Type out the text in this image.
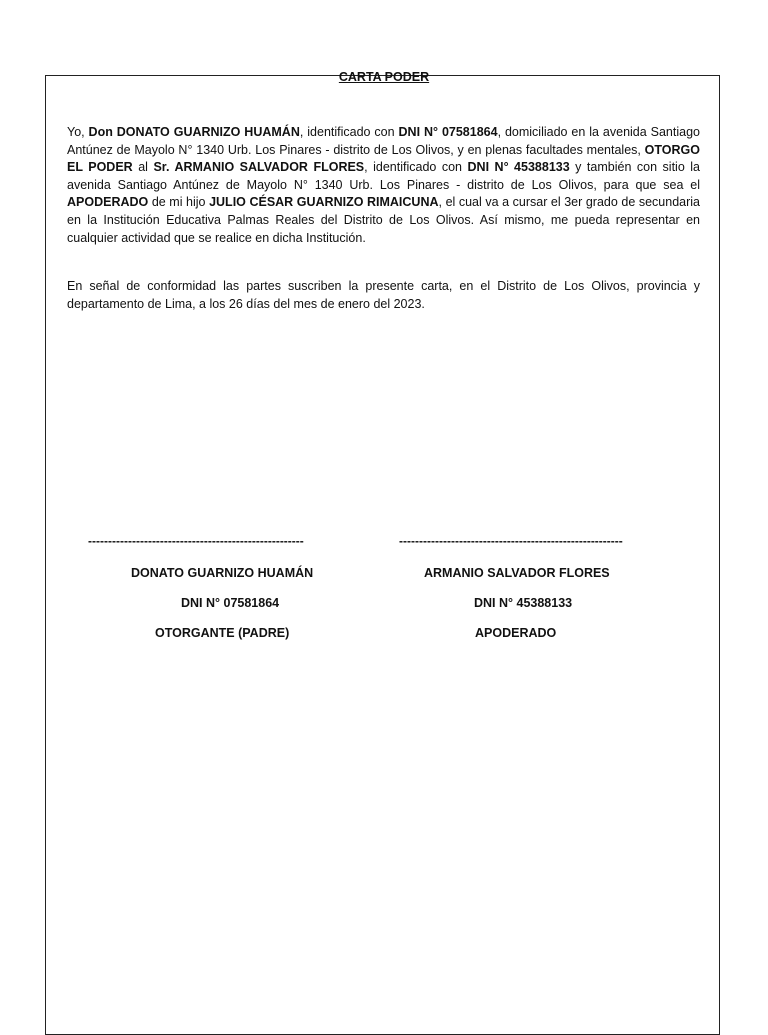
CARTA PODER

Yo, Don DONATO GUARNIZO HUAMÁN, identificado con DNI N° 07581864, domiciliado en la avenida Santiago Antúnez de Mayolo N° 1340 Urb. Los Pinares - distrito de Los Olivos, y en plenas facultades mentales, OTORGO EL PODER al Sr. ARMANIO SALVADOR FLORES, identificado con DNI N° 45388133 y también con sitio la avenida Santiago Antúnez de Mayolo N° 1340 Urb. Los Pinares - distrito de Los Olivos, para que sea el APODERADO de mi hijo JULIO CÉSAR GUARNIZO RIMAICUNA, el cual va a cursar el 3er grado de secundaria en la Institución Educativa Palmas Reales del Distrito de Los Olivos. Así mismo, me pueda representar en cualquier actividad que se realice en dicha Institución.

En señal de conformidad las partes suscriben la presente carta, en el Distrito de Los Olivos, provincia y departamento de Lima, a los 26 días del mes de enero del 2023.

------------------------------------------------------	--------------------------------------------------------

DONATO GUARNIZO HUAMÁN

DNI N° 07581864

OTORGANTE (PADRE)

ARMANIO SALVADOR FLORES

DNI N° 45388133

APODERADO
